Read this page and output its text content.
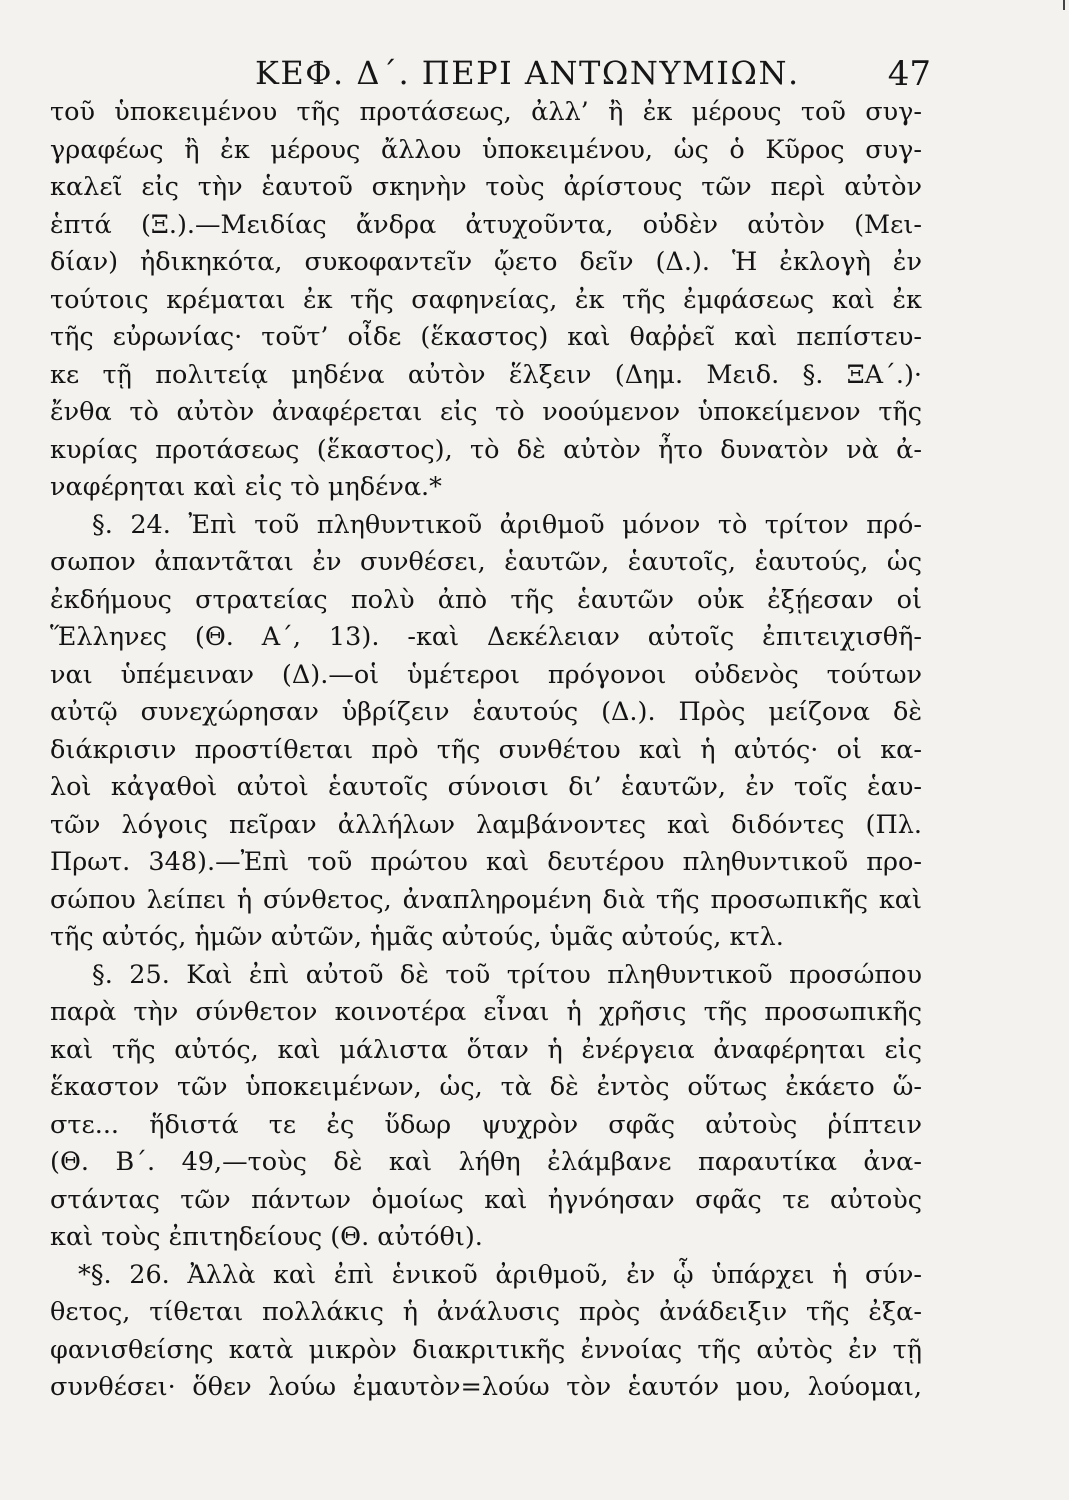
ΚΕΦ. Δ΄. ΠΕΡΙ ΑΝΤΩΝΥΜΙΩΝ.	47
τοῦ ὑποκειμένου τῆς προτάσεως, ἀλλ’ ἢ ἐκ μέρους τοῦ συγ-
γραφέως ἢ ἐκ μέρους ἄλλου ὑποκειμένου, ὡς ὁ Κῦρος συγ-
καλεῖ εἰς τὴν ἑαυτοῦ σκηνὴν τοὺς ἀρίστους τῶν περὶ αὐτὸν
ἑπτά (Ξ.).—Μειδίας ἄνδρα ἀτυχοῦντα, οὐδὲν αὐτὸν (Μει-
δίαν) ἠδικηκότα, συκοφαντεῖν ᾤετο δεῖν (Δ.). Ἡ ἐκλογὴ ἐν
τούτοις κρέμαται ἐκ τῆς σαφηνείας, ἐκ τῆς ἐμφάσεως καὶ ἐκ
τῆς εὐρωνίας· τοῦτ’ οἶδε (ἕκαστος) καὶ θαῤῥεῖ καὶ πεπίστευ-
κε τῇ πολιτείᾳ μηδένα αὐτὸν ἕλξειν (Δημ. Μειδ. §. ΞΑ΄.)·
ἔνθα τὸ αὐτὸν ἀναφέρεται εἰς τὸ νοούμενον ὑποκείμενον τῆς
κυρίας προτάσεως (ἕκαστος), τὸ δὲ αὐτὸν ἦτο δυνατὸν νὰ ἀ-
ναφέρηται καὶ εἰς τὸ μηδένα.*
§. 24. Ἐπὶ τοῦ πληθυντικοῦ ἀριθμοῦ μόνον τὸ τρίτον πρό-
σωπον ἀπαντᾶται ἐν συνθέσει, ἑαυτῶν, ἑαυτοῖς, ἑαυτούς, ὡς
ἐκδήμους στρατείας πολὺ ἀπὸ τῆς ἑαυτῶν οὐκ ἐξῄεσαν οἱ
Ἕλληνες (Θ. Α΄, 13). -καὶ Δεκέλειαν αὐτοῖς ἐπιτειχισθῆ-
ναι ὑπέμειναν (Δ).—οἱ ὑμέτεροι πρόγονοι οὐδενὸς τούτων
αὐτῷ συνεχώρησαν ὑβρίζειν ἑαυτούς (Δ.). Πρὸς μείζονα δὲ
διάκρισιν προστίθεται πρὸ τῆς συνθέτου καὶ ἡ αὐτός· οἱ κα-
λοὶ κἀγαθοὶ αὐτοὶ ἑαυτοῖς σύνοισι δι’ ἑαυτῶν, ἐν τοῖς ἑαυ-
τῶν λόγοις πεῖραν ἀλλήλων λαμβάνοντες καὶ διδόντες (Πλ.
Πρωτ. 348).—Ἐπὶ τοῦ πρώτου καὶ δευτέρου πληθυντικοῦ προ-
σώπου λείπει ἡ σύνθετος, ἀναπληρομένη διὰ τῆς προσωπικῆς καὶ
τῆς αὐτός, ἡμῶν αὐτῶν, ἡμᾶς αὐτούς, ὑμᾶς αὐτούς, κτλ.
§. 25. Καὶ ἐπὶ αὐτοῦ δὲ τοῦ τρίτου πληθυντικοῦ προσώπου
παρὰ τὴν σύνθετον κοινοτέρα εἶναι ἡ χρῆσις τῆς προσωπικῆς
καὶ τῆς αὐτός, καὶ μάλιστα ὅταν ἡ ἐνέργεια ἀναφέρηται εἰς
ἕκαστον τῶν ὑποκειμένων, ὡς, τὰ δὲ ἐντὸς οὕτως ἐκάετο ὥ-
στε... ἥδιστά τε ἐς ὕδωρ ψυχρὸν σφᾶς αὐτοὺς ῥίπτειν
(Θ. Β΄. 49,—τοὺς δὲ καὶ λήθη ἐλάμβανε παραυτίκα ἀνα-
στάντας τῶν πάντων ὁμοίως καὶ ἠγνόησαν σφᾶς τε αὐτοὺς
καὶ τοὺς ἐπιτηδείους (Θ. αὐτόθι).
*§. 26. Ἀλλὰ καὶ ἐπὶ ἑνικοῦ ἀριθμοῦ, ἐν ᾧ ὑπάρχει ἡ σύν-
θετος, τίθεται πολλάκις ἡ ἀνάλυσις πρὸς ἀνάδειξιν τῆς ἐξα-
φανισθείσης κατὰ μικρὸν διακριτικῆς ἐννοίας τῆς αὐτὸς ἐν τῇ
συνθέσει· ὅθεν λούω ἐμαυτὸν=λούω τὸν ἑαυτόν μου, λούομαι,
